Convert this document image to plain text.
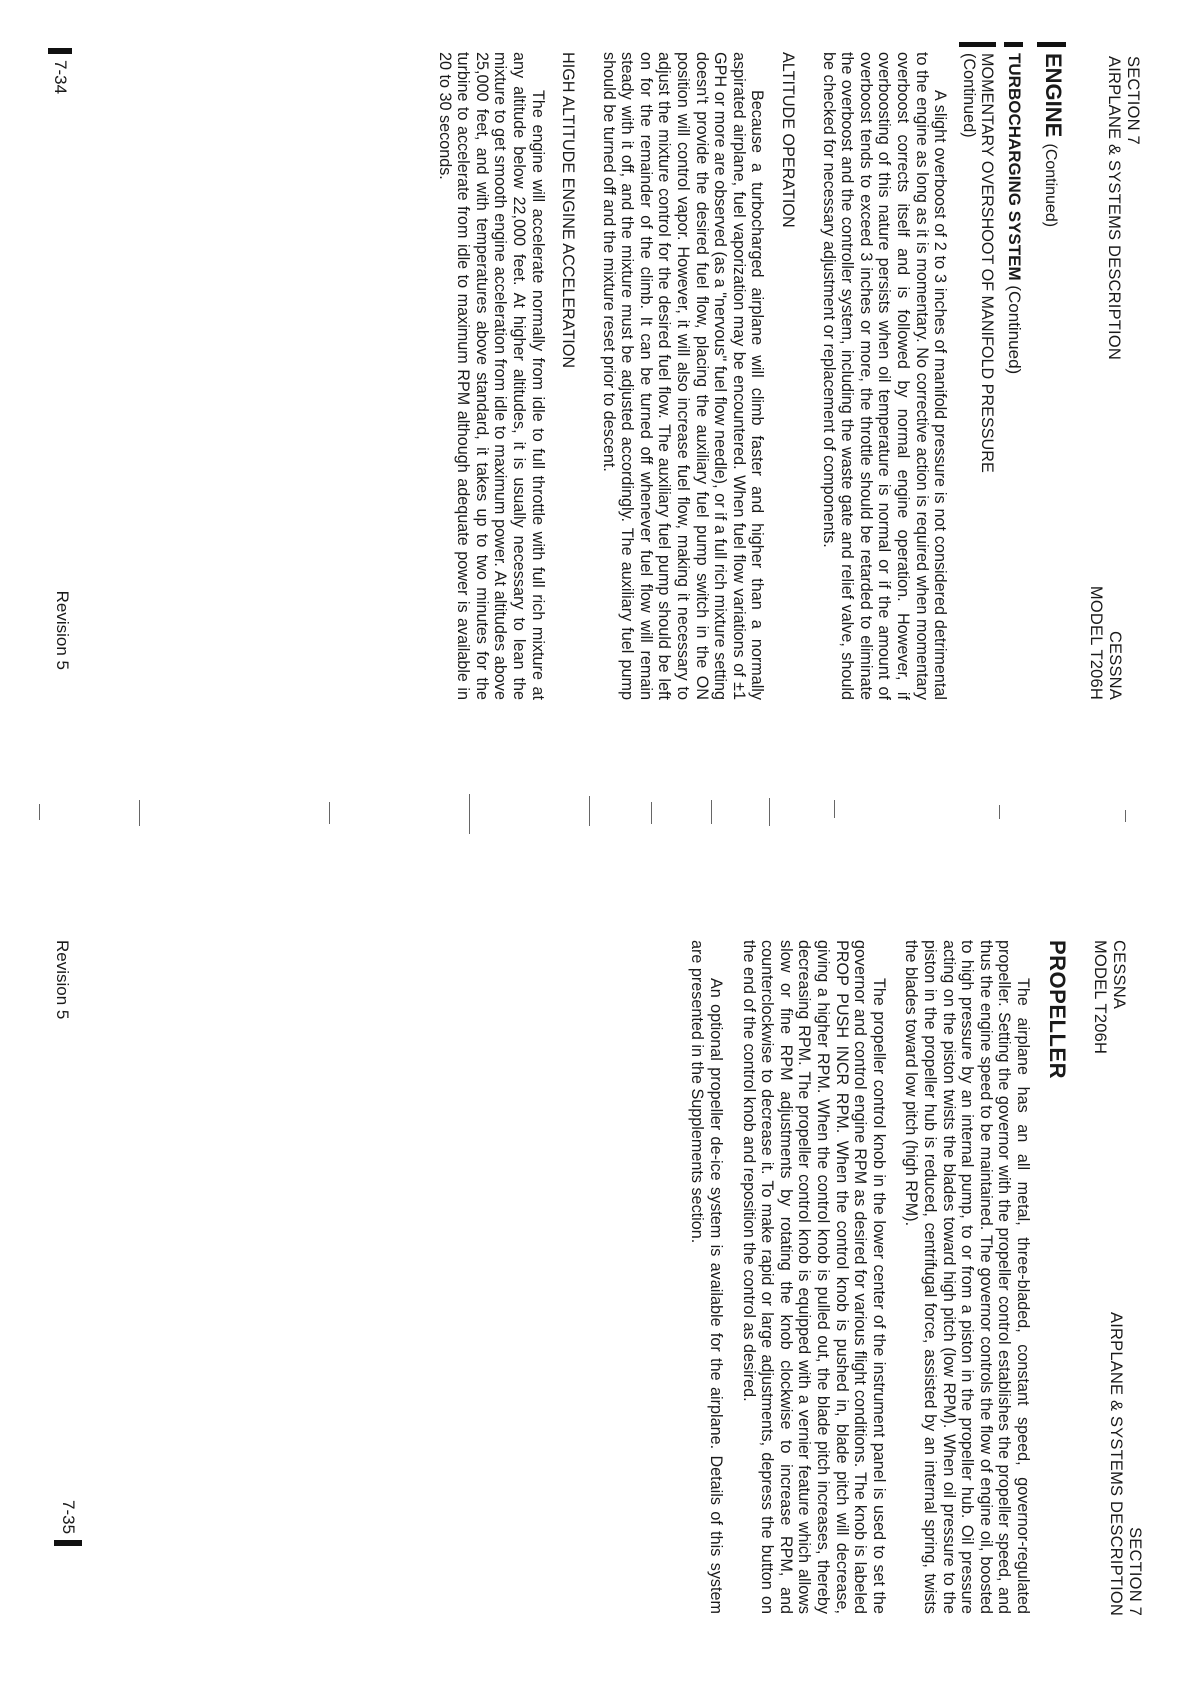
SECTION 7
AIRPLANE & SYSTEMS DESCRIPTION
CESSNA
MODEL T206H
ENGINE (Continued)
TURBOCHARGING SYSTEM (Continued)
MOMENTARY OVERSHOOT OF MANIFOLD PRESSURE
(Continued)

A slight overboost of 2 to 3 inches of manifold pressure is not considered detrimental to the engine as long as it is momentary. No corrective action is required when momentary overboost corrects itself and is followed by normal engine operation. However, if overboosting of this nature persists when oil temperature is normal or if the amount of overboost tends to exceed 3 inches or more, the throttle should be retarded to eliminate the overboost and the controller system, including the waste gate and relief valve, should be checked for necessary adjustment or replacement of components.

ALTITUDE OPERATION

Because a turbocharged airplane will climb faster and higher than a normally aspirated airplane, fuel vaporization may be encountered. When fuel flow variations of ±1 GPH or more are observed (as a "nervous" fuel flow needle), or if a full rich mixture setting doesn't provide the desired fuel flow, placing the auxiliary fuel pump switch in the ON position will control vapor. However, it will also increase fuel flow, making it necessary to adjust the mixture control for the desired fuel flow. The auxiliary fuel pump should be left on for the remainder of the climb. It can be turned off whenever fuel flow will remain steady with it off, and the mixture must be adjusted accordingly. The auxiliary fuel pump should be turned off and the mixture reset prior to descent.

HIGH ALTITUDE ENGINE ACCELERATION

The engine will accelerate normally from idle to full throttle with full rich mixture at any altitude below 22,000 feet. At higher altitudes, it is usually necessary to lean the mixture to get smooth engine acceleration from idle to maximum power. At altitudes above 25,000 feet, and with temperatures above standard, it takes up to two minutes for the turbine to accelerate from idle to maximum RPM although adequate power is available in 20 to 30 seconds.

7-34
Revision 5
CESSNA
MODEL T206H
SECTION 7
AIRPLANE & SYSTEMS DESCRIPTION
PROPELLER

The airplane has an all metal, three-bladed, constant speed, governor-regulated propeller. Setting the governor with the propeller control establishes the propeller speed, and thus the engine speed to be maintained. The governor controls the flow of engine oil, boosted to high pressure by an internal pump, to or from a piston in the propeller hub. Oil pressure acting on the piston twists the blades toward high pitch (low RPM). When oil pressure to the piston in the propeller hub is reduced, centrifugal force, assisted by an internal spring, twists the blades toward low pitch (high RPM).

The propeller control knob in the lower center of the instrument panel is used to set the governor and control engine RPM as desired for various flight conditions. The knob is labeled PROP PUSH INCR RPM. When the control knob is pushed in, blade pitch will decrease, giving a higher RPM. When the control knob is pulled out, the blade pitch increases, thereby decreasing RPM. The propeller control knob is equipped with a vernier feature which allows slow or fine RPM adjustments by rotating the knob clockwise to increase RPM, and counterclockwise to decrease it. To make rapid or large adjustments, depress the button on the end of the control knob and reposition the control as desired.

An optional propeller de-ice system is available for the airplane. Details of this system are presented in the Supplements section.

Revision 5
7-35
